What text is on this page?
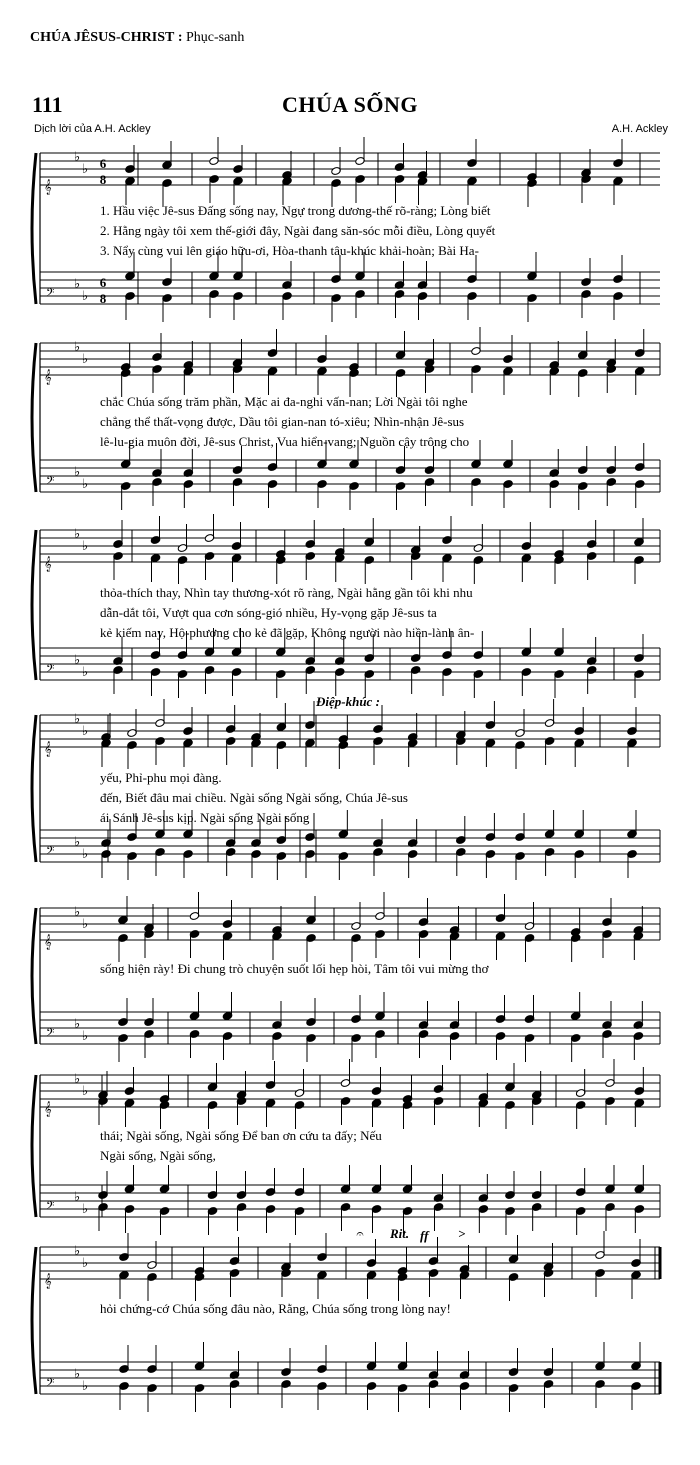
CHÚA JÊSUS-CHRIST : Phục-sanh
111	CHÚA SỐNG
Dịch lời của A.H. Ackley	A.H. Ackley
𝄞
𝄢
♭
♭
♭
♭
6
8
6
8
1. Hầu việc Jê-sus Đấng sống nay, Ngự trong dương-thế rõ-ràng; Lòng biết
2. Hằng ngày tôi xem thế-giới đây, Ngài đang săn-sóc mỗi điều, Lòng quyết
3. Nẩy cùng vui lên giáo hữu-ơi, Hòa-thanh tâu-khúc khải-hoàn; Bài Ha-
𝄞
𝄢
♭
♭
♭
♭
chắc Chúa sống trăm phần, Mặc ai đa-nghi vấn-nan; Lời Ngài tôi nghe
chẳng thể thất-vọng được, Dầu tôi gian-nan tó-xiêu; Nhìn-nhận Jê-sus
lê-lu-gia muôn đời, Jê-sus Christ, Vua hiển-vang; Nguồn cậy trông cho
𝄞
𝄢
♭
♭
♭
♭
thỏa-thích thay, Nhìn tay thương-xót rõ ràng, Ngài hằng gần tôi khi nhu
dẫn-dắt tôi, Vượt qua cơn sóng-gió nhiều, Hy-vọng gặp Jê-sus ta
kẻ kiếm nay, Hộ-phương cho kẻ đã gặp, Không người nào hiền-lành ân-
𝄞
𝄢
♭
♭
♭
♭
yếu, Phỉ-phu mọi đàng.
đến, Biết đâu mai chiều. Ngài sống Ngài sống, Chúa Jê-sus
ái Sánh Jê-sus kịp. Ngài sống Ngài sống
𝄞
𝄢
♭
♭
♭
♭
sống hiện rày! Đi chung trò chuyện suốt lối hẹp hòi, Tâm tôi vui mừng thơ
𝄞
𝄢
♭
♭
♭
♭
thái; Ngài sống, Ngài sống Để ban ơn cứu ta đấy; Nếu
Ngài sống, Ngài sống,
𝄞
𝄢
♭
♭
♭
♭
hỏi chứng-cớ Chúa sống đâu nào, Rằng, Chúa sống trong lòng nay!
Điệp-khúc :
Rit. ff
𝄐	>
